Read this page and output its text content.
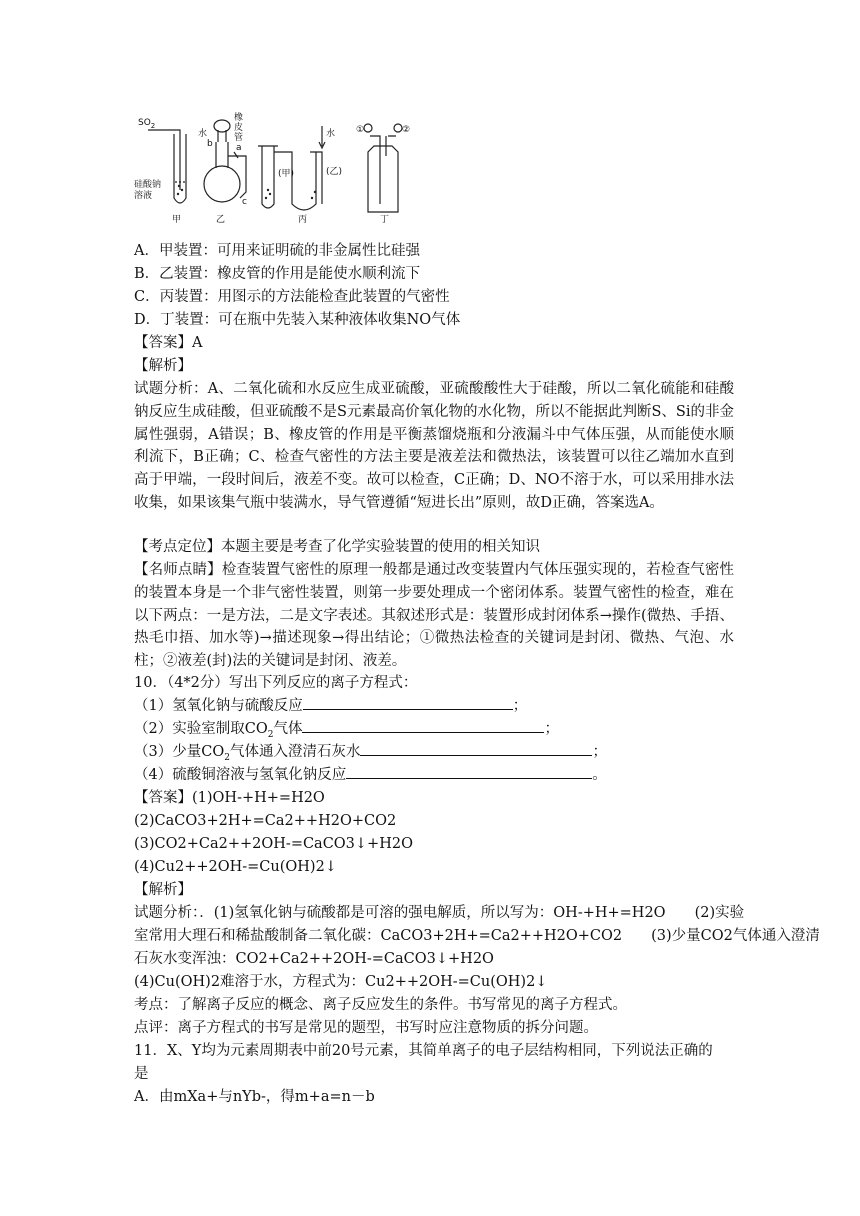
$SO_2$
硅酸钠
溶液
水
橡
皮
管
b	a
c
(甲)	(乙)
水 ①	②
甲	乙	丙	丁
A．甲装置：可用来证明硫的非金属性比硅强
B．乙装置：橡皮管的作用是能使水顺利流下
C．丙装置：用图示的方法能检查此装置的气密性
D．丁装置：可在瓶中先装入某种液体收集NO气体
【答案】A
【解析】
试题分析：A、二氧化硫和水反应生成亚硫酸，亚硫酸酸性大于硅酸，所以二氧化硫能和硅酸钠反应生成硅酸，但亚硫酸不是S元素最高价氧化物的水化物，所以不能据此判断S、Si的非金属性强弱，A错误；B、橡皮管的作用是平衡蒸馏烧瓶和分液漏斗中气体压强，从而能使水顺利流下，B正确；C、检查气密性的方法主要是液差法和微热法，该装置可以往乙端加水直到高于甲端，一段时间后，液差不变。故可以检查，C正确；D、NO不溶于水，可以采用排水法收集，如果该集气瓶中装满水，导气管遵循“短进长出”原则，故D正确，答案选A。
【考点定位】本题主要是考查了化学实验装置的使用的相关知识
【名师点睛】检查装置气密性的原理一般都是通过改变装置内气体压强实现的，若检查气密性的装置本身是一个非气密性装置，则第一步要处理成一个密闭体系。装置气密性的检查，难在以下两点：一是方法，二是文字表述。其叙述形式是：装置形成封闭体系→操作(微热、手捂、热毛巾捂、加水等)→描述现象→得出结论；①微热法检查的关键词是封闭、微热、气泡、水柱；②液差(封)法的关键词是封闭、液差。
10．（4*2分）写出下列反应的离子方程式：
（1）氢氧化钠与硫酸反应	；
（2）实验室制取$CO_2$气体	；
（3）少量$CO_2$气体通入澄清石灰水	；
（4）硫酸铜溶液与氢氧化钠反应	。
【答案】(1)OH-+H+=H2O
(2)CaCO3+2H+=Ca2++H2O+CO2
(3)CO2+Ca2++2OH-=CaCO3↓+H2O
(4)Cu2++2OH-=Cu(OH)2↓
【解析】
试题分析：．(1)氢氧化钠与硫酸都是可溶的强电解质，所以写为：OH-+H+=H2O　　(2)实验
室常用大理石和稀盐酸制备二氧化碳：CaCO3+2H+=Ca2++H2O+CO2　　(3)少量CO2气体通入澄清
石灰水变浑浊：CO2+Ca2++2OH-=CaCO3↓+H2O
(4)Cu(OH)2难溶于水，方程式为：Cu2++2OH-=Cu(OH)2↓
考点：了解离子反应的概念、离子反应发生的条件。书写常见的离子方程式。
点评：离子方程式的书写是常见的题型，书写时应注意物质的拆分问题。
11．X、Y均为元素周期表中前20号元素，其简单离子的电子层结构相同，下列说法正确的
是
A．由mXa+与nYb-，得m+a=n－b
